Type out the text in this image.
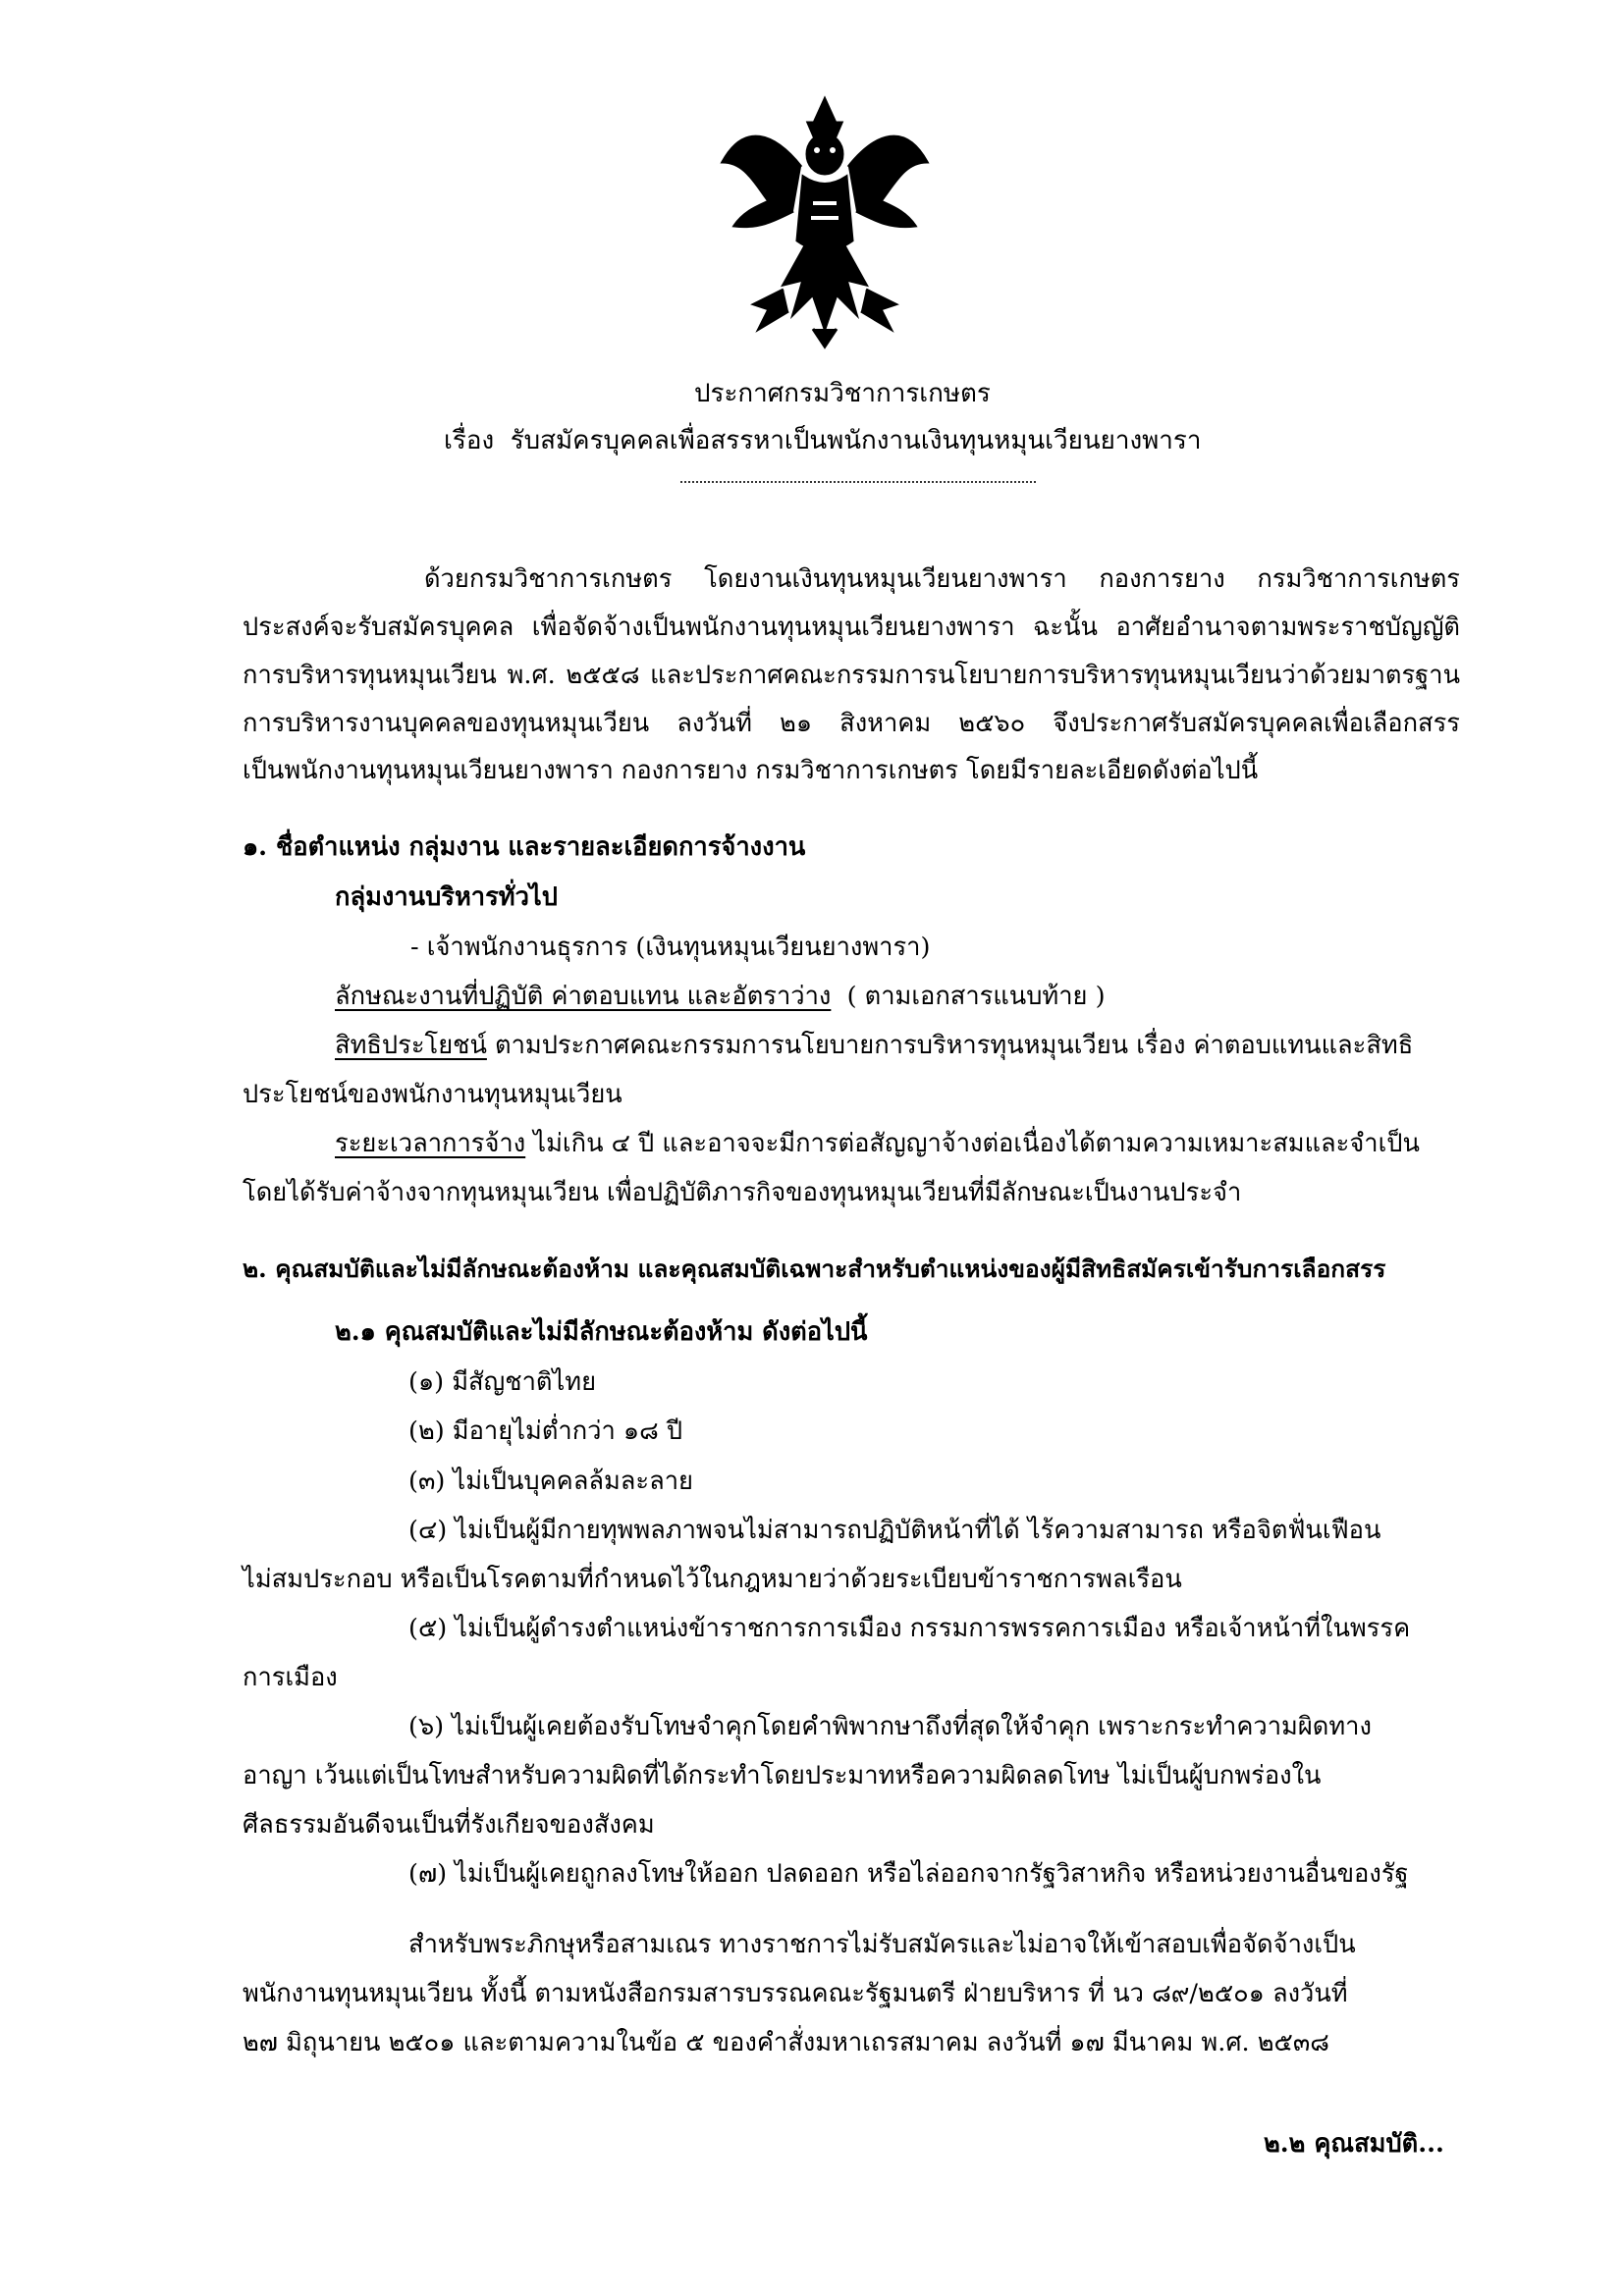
ประกาศกรมวิชาการเกษตร
เรื่อง รับสมัครบุคคลเพื่อสรรหาเป็นพนักงานเงินทุนหมุนเวียนยางพารา
ด้วยกรมวิชาการเกษตร โดยงานเงินทุนหมุนเวียนยางพารา กองการยาง กรมวิชาการเกษตร
ประสงค์จะรับสมัครบุคคล เพื่อจัดจ้างเป็นพนักงานทุนหมุนเวียนยางพารา ฉะนั้น อาศัยอำนาจตามพระราชบัญญัติ
การบริหารทุนหมุนเวียน พ.ศ. ๒๕๕๘ และประกาศคณะกรรมการนโยบายการบริหารทุนหมุนเวียนว่าด้วยมาตรฐาน
การบริหารงานบุคคลของทุนหมุนเวียน ลงวันที่ ๒๑ สิงหาคม ๒๕๖๐ จึงประกาศรับสมัครบุคคลเพื่อเลือกสรร
เป็นพนักงานทุนหมุนเวียนยางพารา กองการยาง กรมวิชาการเกษตร โดยมีรายละเอียดดังต่อไปนี้
๑. ชื่อตำแหน่ง กลุ่มงาน และรายละเอียดการจ้างงาน
กลุ่มงานบริหารทั่วไป
- เจ้าพนักงานธุรการ (เงินทุนหมุนเวียนยางพารา)
ลักษณะงานที่ปฏิบัติ ค่าตอบแทน และอัตราว่าง ( ตามเอกสารแนบท้าย )
สิทธิประโยชน์ ตามประกาศคณะกรรมการนโยบายการบริหารทุนหมุนเวียน เรื่อง ค่าตอบแทนและสิทธิ
ประโยชน์ของพนักงานทุนหมุนเวียน
ระยะเวลาการจ้าง ไม่เกิน ๔ ปี และอาจจะมีการต่อสัญญาจ้างต่อเนื่องได้ตามความเหมาะสมและจำเป็น
โดยได้รับค่าจ้างจากทุนหมุนเวียน เพื่อปฏิบัติภารกิจของทุนหมุนเวียนที่มีลักษณะเป็นงานประจำ
๒. คุณสมบัติและไม่มีลักษณะต้องห้าม และคุณสมบัติเฉพาะสำหรับตำแหน่งของผู้มีสิทธิสมัครเข้ารับการเลือกสรร
๒.๑ คุณสมบัติและไม่มีลักษณะต้องห้าม ดังต่อไปนี้
(๑) มีสัญชาติไทย
(๒) มีอายุไม่ต่ำกว่า ๑๘ ปี
(๓) ไม่เป็นบุคคลล้มละลาย
(๔) ไม่เป็นผู้มีกายทุพพลภาพจนไม่สามารถปฏิบัติหน้าที่ได้ ไร้ความสามารถ หรือจิตฟั่นเฟือน
ไม่สมประกอบ หรือเป็นโรคตามที่กำหนดไว้ในกฎหมายว่าด้วยระเบียบข้าราชการพลเรือน
(๕) ไม่เป็นผู้ดำรงตำแหน่งข้าราชการการเมือง กรรมการพรรคการเมือง หรือเจ้าหน้าที่ในพรรค
การเมือง
(๖) ไม่เป็นผู้เคยต้องรับโทษจำคุกโดยคำพิพากษาถึงที่สุดให้จำคุก เพราะกระทำความผิดทาง
อาญา เว้นแต่เป็นโทษสำหรับความผิดที่ได้กระทำโดยประมาทหรือความผิดลดโทษ ไม่เป็นผู้บกพร่องใน
ศีลธรรมอันดีจนเป็นที่รังเกียจของสังคม
(๗) ไม่เป็นผู้เคยถูกลงโทษให้ออก ปลดออก หรือไล่ออกจากรัฐวิสาหกิจ หรือหน่วยงานอื่นของรัฐ
สำหรับพระภิกษุหรือสามเณร ทางราชการไม่รับสมัครและไม่อาจให้เข้าสอบเพื่อจัดจ้างเป็น
พนักงานทุนหมุนเวียน ทั้งนี้ ตามหนังสือกรมสารบรรณคณะรัฐมนตรี ฝ่ายบริหาร ที่ นว ๘๙/๒๕๐๑ ลงวันที่
๒๗ มิถุนายน ๒๕๐๑ และตามความในข้อ ๕ ของคำสั่งมหาเถรสมาคม ลงวันที่ ๑๗ มีนาคม พ.ศ. ๒๕๓๘
๒.๒ คุณสมบัติ...
